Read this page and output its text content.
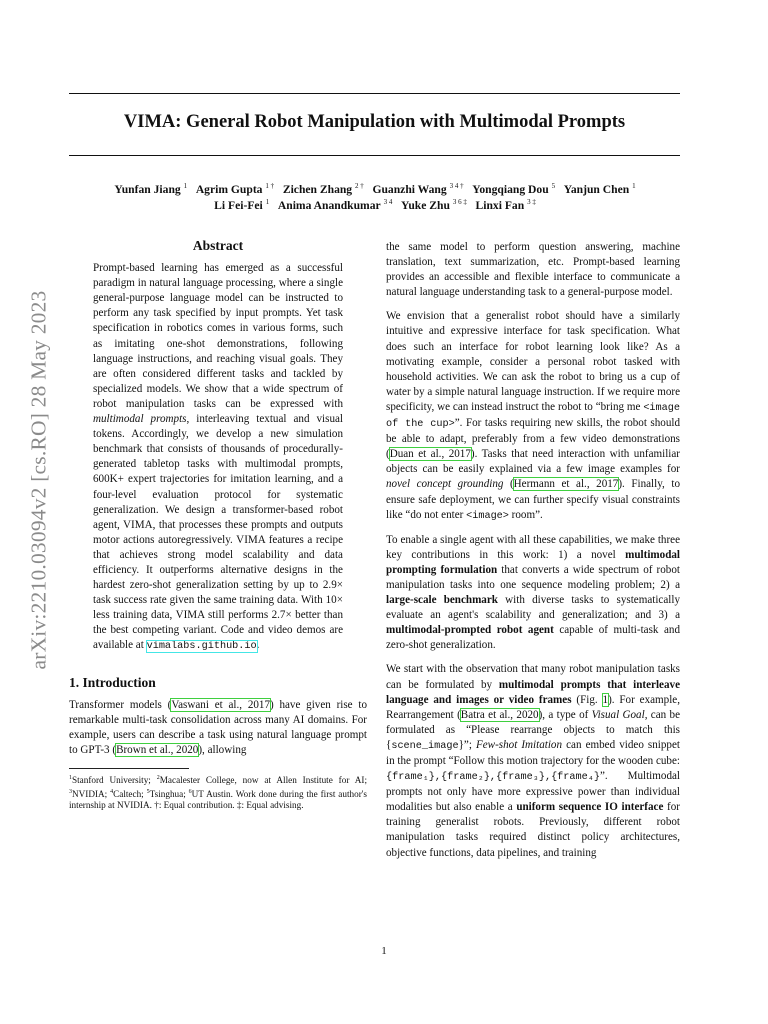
VIMA: General Robot Manipulation with Multimodal Prompts

Yunfan Jiang $^1$ Agrim Gupta $^{1 \dagger}$ Zichen Zhang $^{2 \dagger}$ Guanzhi Wang $^{3 4 \dagger}$ Yongqiang Dou $^5$ Yanjun Chen $^1$

Li Fei-Fei $^1$ Anima Anandkumar $^{3 4}$ Yuke Zhu $^{3 6 \ddagger}$ Linxi Fan $^{3 \ddagger}$

arXiv:2210.03094v2 [cs.RO] 28 May 2023
Abstract

Prompt-based learning has emerged as a successful paradigm in natural language processing, where a single general-purpose language model can be instructed to perform any task specified by input prompts. Yet task specification in robotics comes in various forms, such as imitating one-shot demonstrations, following language instructions, and reaching visual goals. They are often considered different tasks and tackled by specialized models. We show that a wide spectrum of robot manipulation tasks can be expressed with multimodal prompts, interleaving textual and visual tokens. Accordingly, we develop a new simulation benchmark that consists of thousands of procedurally-generated tabletop tasks with multimodal prompts, 600K+ expert trajectories for imitation learning, and a four-level evaluation protocol for systematic generalization. We design a transformer-based robot agent, VIMA, that processes these prompts and outputs motor actions autoregressively. VIMA features a recipe that achieves strong model scalability and data efficiency. It outperforms alternative designs in the hardest zero-shot generalization setting by up to 2.9× task success rate given the same training data. With 10× less training data, VIMA still performs 2.7× better than the best competing variant. Code and video demos are available at vimalabs.github.io.

1. Introduction

Transformer models (Vaswani et al., 2017) have given rise to remarkable multi-task consolidation across many AI domains. For example, users can describe a task using natural language prompt to GPT-3 (Brown et al., 2020), allowing

$^1$Stanford University; $^2$Macalester College, now at Allen Institute for AI; $^3$NVIDIA; $^4$Caltech; $^5$Tsinghua; $^6$UT Austin. Work done during the first author's internship at NVIDIA. †: Equal contribution. ‡: Equal advising.

the same model to perform question answering, machine translation, text summarization, etc. Prompt-based learning provides an accessible and flexible interface to communicate a natural language understanding task to a general-purpose model.

We envision that a generalist robot should have a similarly intuitive and expressive interface for task specification. What does such an interface for robot learning look like? As a motivating example, consider a personal robot tasked with household activities. We can ask the robot to bring us a cup of water by a simple natural language instruction. If we require more specificity, we can instead instruct the robot to “bring me <image of the cup>”. For tasks requiring new skills, the robot should be able to adapt, preferably from a few video demonstrations (Duan et al., 2017). Tasks that need interaction with unfamiliar objects can be easily explained via a few image examples for novel concept grounding (Hermann et al., 2017). Finally, to ensure safe deployment, we can further specify visual constraints like “do not enter <image> room”.

To enable a single agent with all these capabilities, we make three key contributions in this work: 1) a novel multimodal prompting formulation that converts a wide spectrum of robot manipulation tasks into one sequence modeling problem; 2) a large-scale benchmark with diverse tasks to systematically evaluate an agent's scalability and generalization; and 3) a multimodal-prompted robot agent capable of multi-task and zero-shot generalization.

We start with the observation that many robot manipulation tasks can be formulated by multimodal prompts that interleave language and images or video frames (Fig. 1). For example, Rearrangement (Batra et al., 2020), a type of Visual Goal, can be formulated as “Please rearrange objects to match this {scene_image}”; Few-shot Imitation can embed video snippet in the prompt “Follow this motion trajectory for the wooden cube: {frame₁},{frame₂},{frame₃},{frame₄}”. Multimodal prompts not only have more expressive power than individual modalities but also enable a uniform sequence IO interface for training generalist robots. Previously, different robot manipulation tasks required distinct policy architectures, objective functions, data pipelines, and training

1
